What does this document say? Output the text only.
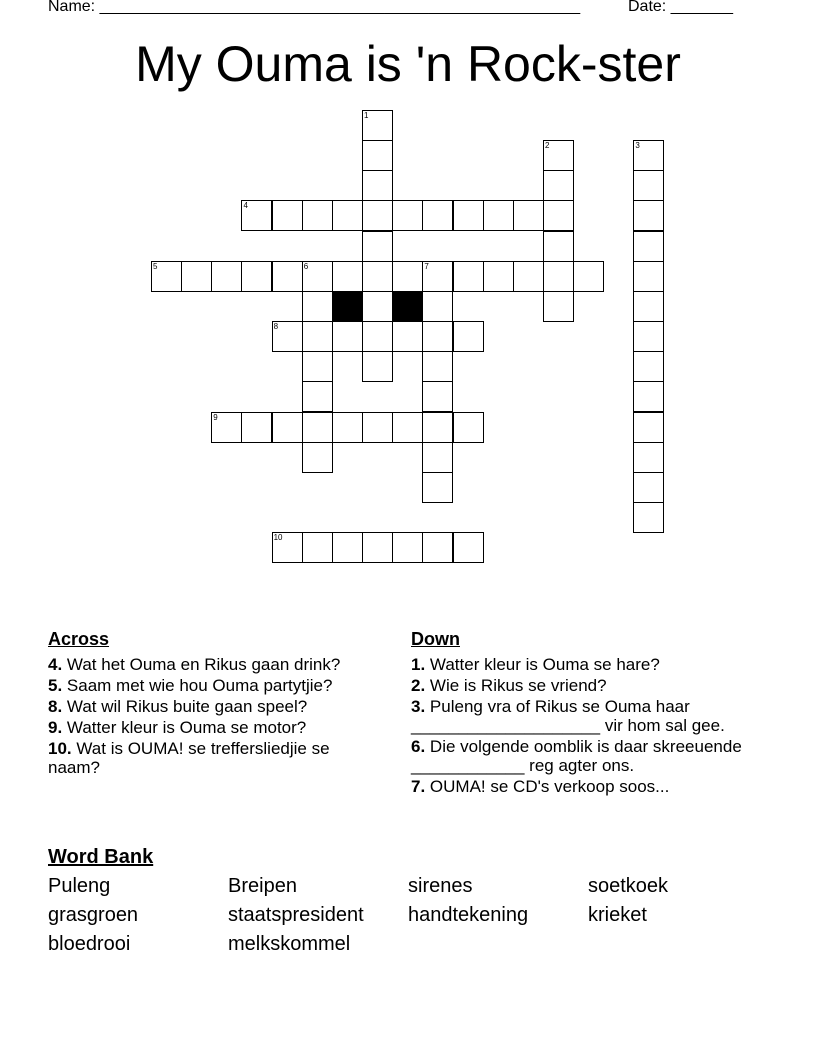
Name: ______________________________________________________	Date: _______
My Ouma is 'n Rock-ster
1
2	3
4
5	6	7
8
9
10
Across
4. Wat het Ouma en Rikus gaan drink?
5. Saam met wie hou Ouma partytjie?
8. Wat wil Rikus buite gaan speel?
9. Watter kleur is Ouma se motor?
10. Wat is OUMA! se treffersliedjie se naam?
Down
1. Watter kleur is Ouma se hare?
2. Wie is Rikus se vriend?
3. Puleng vra of Rikus se Ouma haar ____________________ vir hom sal gee.
6. Die volgende oomblik is daar skreeuende ____________ reg agter ons.
7. OUMA! se CD's verkoop soos...
Word Bank
Puleng	Breipen	sirenes	soetkoek
grasgroen	staatspresident	handtekening	krieket
bloedrooi	melkskommel
